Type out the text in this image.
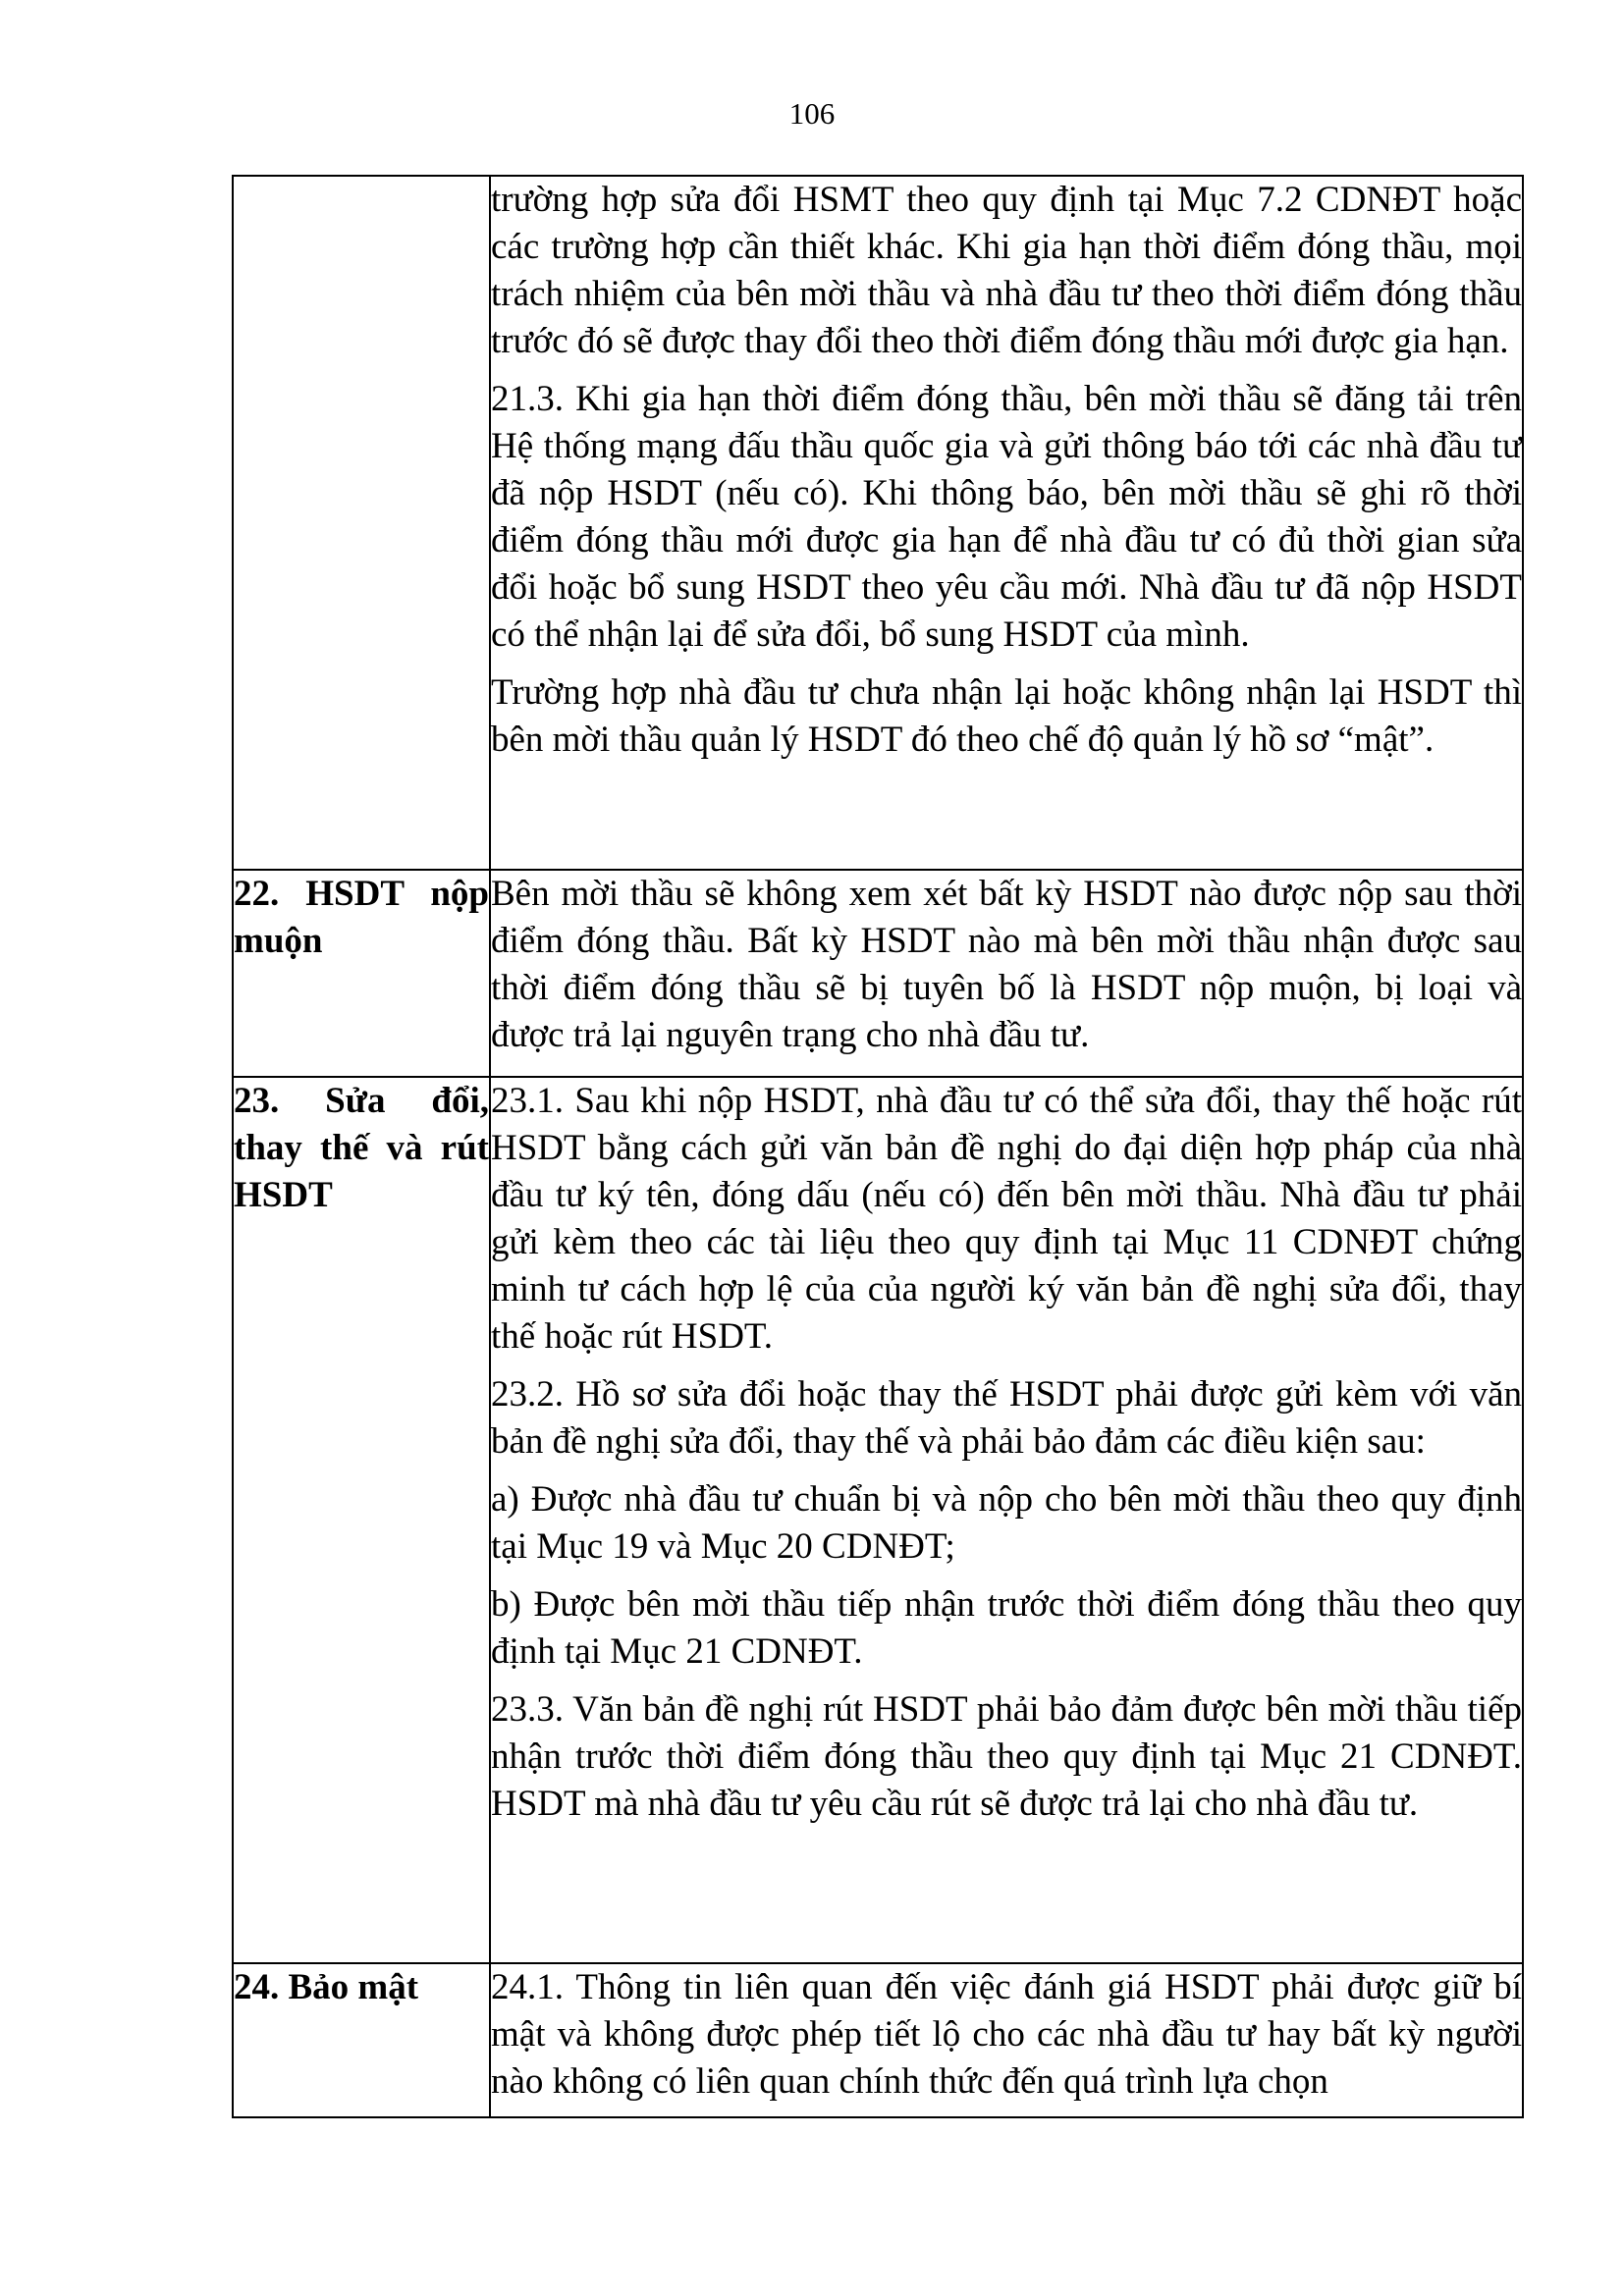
106

	trường hợp sửa đổi HSMT theo quy định tại Mục 7.2 CDNĐT hoặc các trường hợp cần thiết khác. Khi gia hạn thời điểm đóng thầu, mọi trách nhiệm của bên mời thầu và nhà đầu tư theo thời điểm đóng thầu trước đó sẽ được thay đổi theo thời điểm đóng thầu mới được gia hạn.

21.3. Khi gia hạn thời điểm đóng thầu, bên mời thầu sẽ đăng tải trên Hệ thống mạng đấu thầu quốc gia và gửi thông báo tới các nhà đầu tư đã nộp HSDT (nếu có). Khi thông báo, bên mời thầu sẽ ghi rõ thời điểm đóng thầu mới được gia hạn để nhà đầu tư có đủ thời gian sửa đổi hoặc bổ sung HSDT theo yêu cầu mới. Nhà đầu tư đã nộp HSDT có thể nhận lại để sửa đổi, bổ sung HSDT của mình.

Trường hợp nhà đầu tư chưa nhận lại hoặc không nhận lại HSDT thì bên mời thầu quản lý HSDT đó theo chế độ quản lý hồ sơ “mật”.

22. HSDT nộp muộn	Bên mời thầu sẽ không xem xét bất kỳ HSDT nào được nộp sau thời điểm đóng thầu. Bất kỳ HSDT nào mà bên mời thầu nhận được sau thời điểm đóng thầu sẽ bị tuyên bố là HSDT nộp muộn, bị loại và được trả lại nguyên trạng cho nhà đầu tư.

23. Sửa đổi, thay thế và rút HSDT	23.1. Sau khi nộp HSDT, nhà đầu tư có thể sửa đổi, thay thế hoặc rút HSDT bằng cách gửi văn bản đề nghị do đại diện hợp pháp của nhà đầu tư ký tên, đóng dấu (nếu có) đến bên mời thầu. Nhà đầu tư phải gửi kèm theo các tài liệu theo quy định tại Mục 11 CDNĐT chứng minh tư cách hợp lệ của của người ký văn bản đề nghị sửa đổi, thay thế hoặc rút HSDT.

23.2. Hồ sơ sửa đổi hoặc thay thế HSDT phải được gửi kèm với văn bản đề nghị sửa đổi, thay thế và phải bảo đảm các điều kiện sau:

a) Được nhà đầu tư chuẩn bị và nộp cho bên mời thầu theo quy định tại Mục 19 và Mục 20 CDNĐT;

b) Được bên mời thầu tiếp nhận trước thời điểm đóng thầu theo quy định tại Mục 21 CDNĐT.

23.3. Văn bản đề nghị rút HSDT phải bảo đảm được bên mời thầu tiếp nhận trước thời điểm đóng thầu theo quy định tại Mục 21 CDNĐT. HSDT mà nhà đầu tư yêu cầu rút sẽ được trả lại cho nhà đầu tư.

24. Bảo mật	24.1. Thông tin liên quan đến việc đánh giá HSDT phải được giữ bí mật và không được phép tiết lộ cho các nhà đầu tư hay bất kỳ người nào không có liên quan chính thức đến quá trình lựa chọn
